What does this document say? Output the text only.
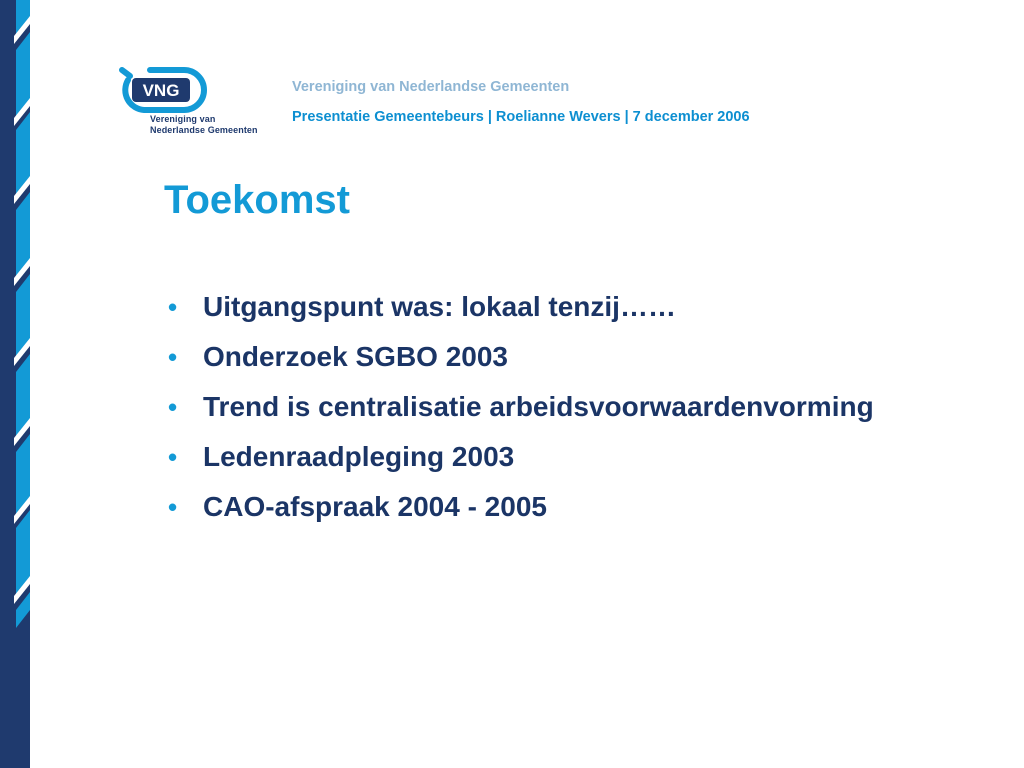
VNG
Vereniging van
Nederlandse Gemeenten
Vereniging van Nederlandse Gemeenten
Presentatie Gemeentebeurs | Roelianne Wevers | 7 december 2006
Toekomst
• Uitgangspunt was: lokaal tenzij……
• Onderzoek SGBO 2003
• Trend is centralisatie arbeidsvoorwaardenvorming
• Ledenraadpleging 2003
• CAO-afspraak 2004 - 2005
